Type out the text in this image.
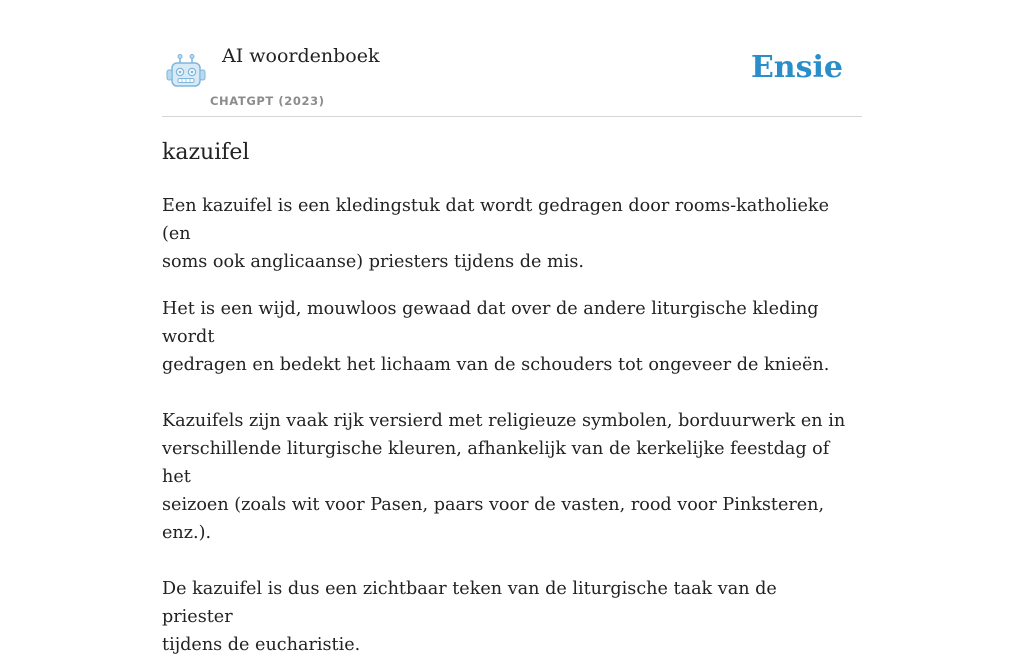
AI woordenboek
CHATGPT (2023)
Ensie
kazuifel

Een kazuifel is een kledingstuk dat wordt gedragen door rooms-katholieke (en
soms ook anglicaanse) priesters tijdens de mis.

Het is een wijd, mouwloos gewaad dat over de andere liturgische kleding wordt
gedragen en bedekt het lichaam van de schouders tot ongeveer de knieën.

Kazuifels zijn vaak rijk versierd met religieuze symbolen, borduurwerk en in
verschillende liturgische kleuren, afhankelijk van de kerkelijke feestdag of het
seizoen (zoals wit voor Pasen, paars voor de vasten, rood voor Pinksteren, enz.).

De kazuifel is dus een zichtbaar teken van de liturgische taak van de priester
tijdens de eucharistie.
